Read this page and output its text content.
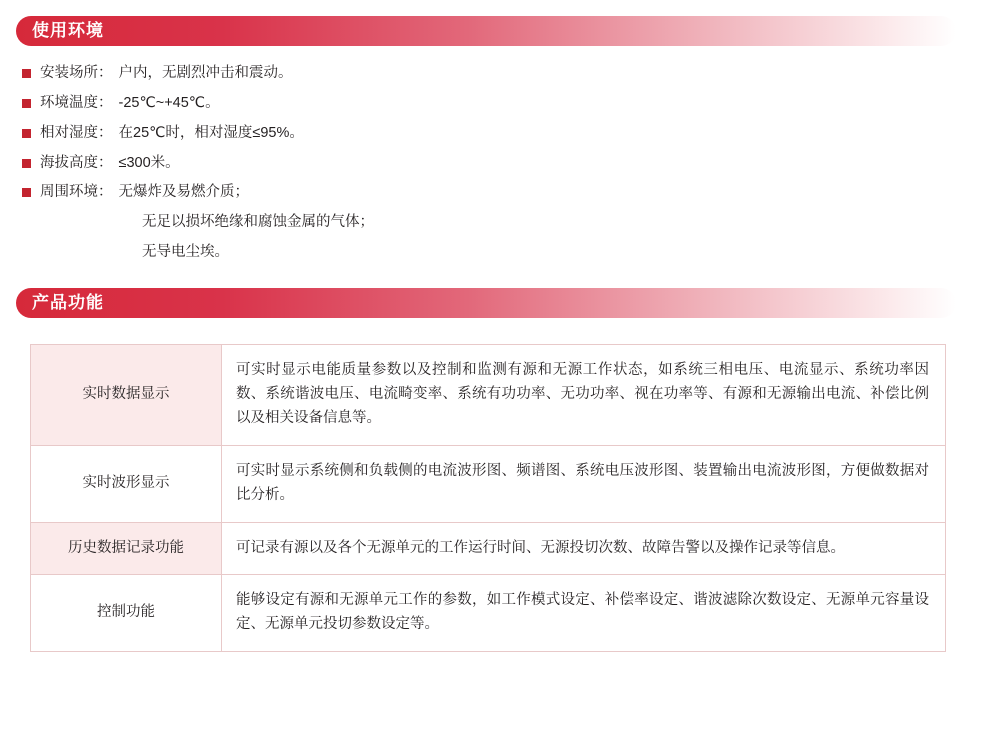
使用环境
安装场所： 户内，无剧烈冲击和震动。
环境温度： -25℃~+45℃。
相对湿度： 在25℃时，相对湿度≤95%。
海拔高度： ≤300米。
周围环境： 无爆炸及易燃介质；
无足以损坏绝缘和腐蚀金属的气体；
无导电尘埃。
产品功能
实时数据显示	可实时显示电能质量参数以及控制和监测有源和无源工作状态，如系统三相电压、电流显示、系统功率因数、系统谐波电压、电流畸变率、系统有功功率、无功功率、视在功率等、有源和无源输出电流、补偿比例以及相关设备信息等。
实时波形显示	可实时显示系统侧和负载侧的电流波形图、频谱图、系统电压波形图、装置输出电流波形图，方便做数据对比分析。
历史数据记录功能	可记录有源以及各个无源单元的工作运行时间、无源投切次数、故障告警以及操作记录等信息。
控制功能	能够设定有源和无源单元工作的参数，如工作模式设定、补偿率设定、谐波滤除次数设定、无源单元容量设定、无源单元投切参数设定等。
